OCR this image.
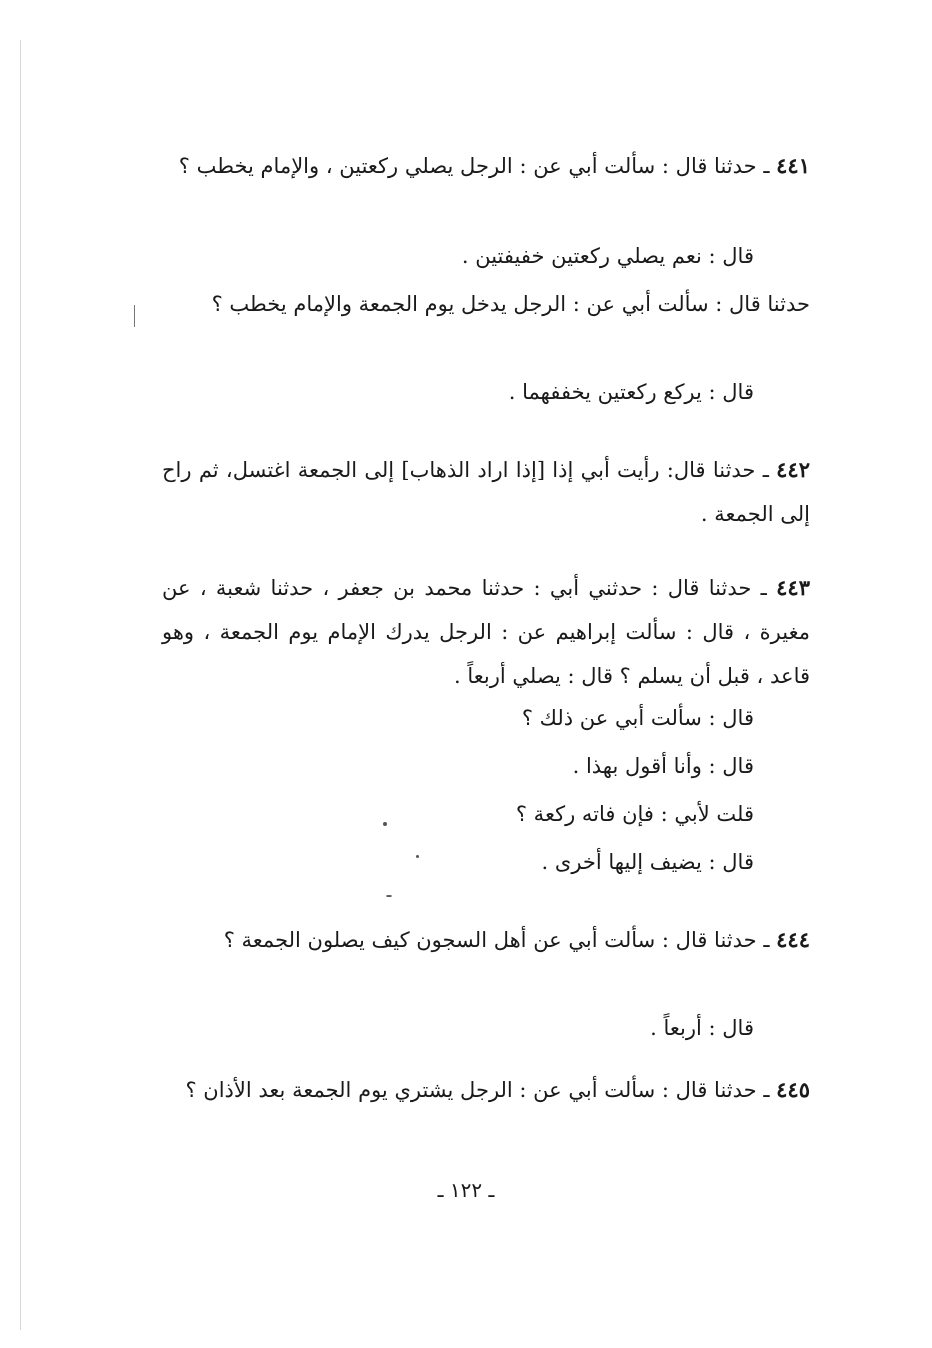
٤٤١ ـ حدثنا قال : سألت أبي عن : الرجل يصلي ركعتين ، والإمام يخطب ؟
قال : نعم يصلي ركعتين خفيفتين .
حدثنا قال : سألت أبي عن : الرجل يدخل يوم الجمعة والإمام يخطب ؟
قال : يركع ركعتين يخففهما .
٤٤٢ ـ حدثنا قال: رأيت أبي إذا [إذا اراد الذهاب] إلى الجمعة اغتسل، ثم راح إلى الجمعة .
٤٤٣ ـ حدثنا قال : حدثني أبي : حدثنا محمد بن جعفر ، حدثنا شعبة ، عن مغيرة ، قال : سألت إبراهيم عن : الرجل يدرك الإمام يوم الجمعة ، وهو قاعد ، قبل أن يسلم ؟ قال : يصلي أربعاً .
قال : سألت أبي عن ذلك ؟
قال : وأنا أقول بهذا .
قلت لأبي : فإن فاته ركعة ؟
قال : يضيف إليها أخرى .
٤٤٤ ـ حدثنا قال : سألت أبي عن أهل السجون كيف يصلون الجمعة ؟
قال : أربعاً .
٤٤٥ ـ حدثنا قال : سألت أبي عن : الرجل يشتري يوم الجمعة بعد الأذان ؟
ـ ١٢٢ ـ
